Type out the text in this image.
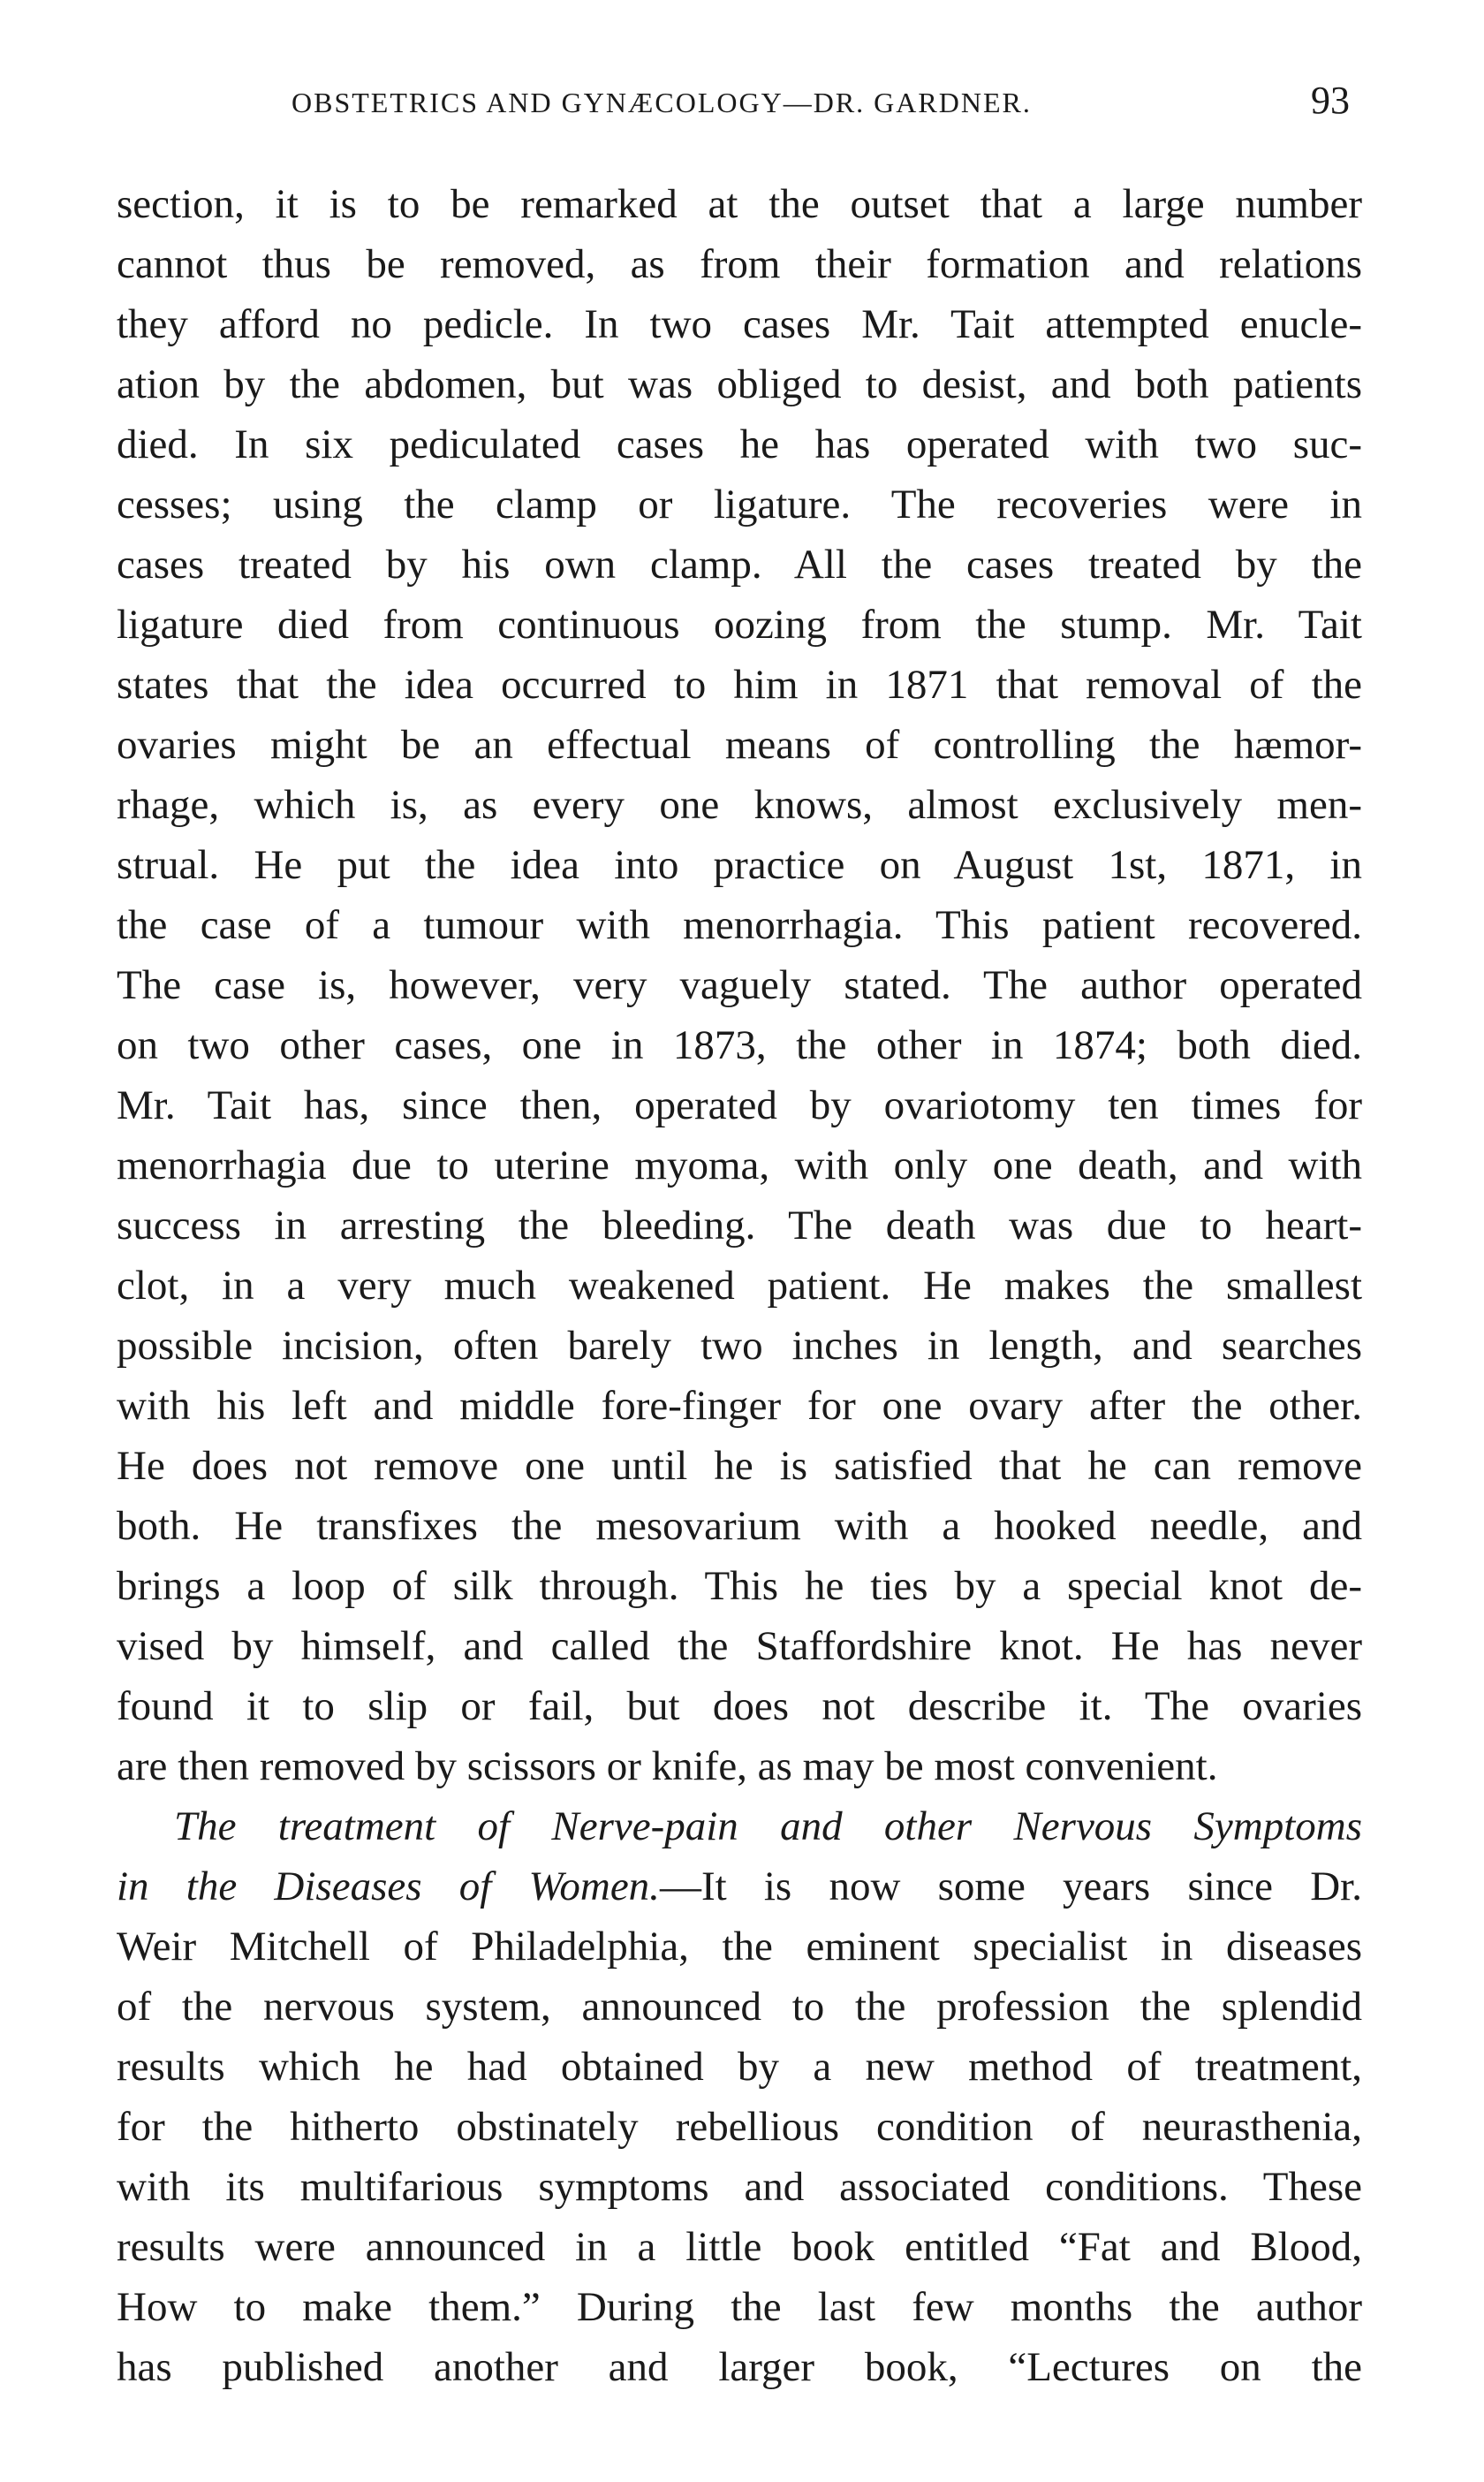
OBSTETRICS AND GYNÆCOLOGY—DR. GARDNER.	93
section, it is to be remarked at the outset that a large number
cannot thus be removed, as from their formation and relations
they afford no pedicle. In two cases Mr. Tait attempted enucle-
ation by the abdomen, but was obliged to desist, and both patients
died. In six pediculated cases he has operated with two suc-
cesses; using the clamp or ligature. The recoveries were in
cases treated by his own clamp. All the cases treated by the
ligature died from continuous oozing from the stump. Mr. Tait
states that the idea occurred to him in 1871 that removal of the
ovaries might be an effectual means of controlling the hæmor-
rhage, which is, as every one knows, almost exclusively men-
strual. He put the idea into practice on August 1st, 1871, in
the case of a tumour with menorrhagia. This patient recovered.
The case is, however, very vaguely stated. The author operated
on two other cases, one in 1873, the other in 1874; both died.
Mr. Tait has, since then, operated by ovariotomy ten times for
menorrhagia due to uterine myoma, with only one death, and with
success in arresting the bleeding. The death was due to heart-
clot, in a very much weakened patient. He makes the smallest
possible incision, often barely two inches in length, and searches
with his left and middle fore-finger for one ovary after the other.
He does not remove one until he is satisfied that he can remove
both. He transfixes the mesovarium with a hooked needle, and
brings a loop of silk through. This he ties by a special knot de-
vised by himself, and called the Staffordshire knot. He has never
found it to slip or fail, but does not describe it. The ovaries
are then removed by scissors or knife, as may be most convenient.
The treatment of Nerve-pain and other Nervous Symptoms
in the Diseases of Women.—It is now some years since Dr.
Weir Mitchell of Philadelphia, the eminent specialist in diseases
of the nervous system, announced to the profession the splendid
results which he had obtained by a new method of treatment,
for the hitherto obstinately rebellious condition of neurasthenia,
with its multifarious symptoms and associated conditions. These
results were announced in a little book entitled “Fat and Blood,
How to make them.” During the last few months the author
has published another and larger book, “Lectures on the
